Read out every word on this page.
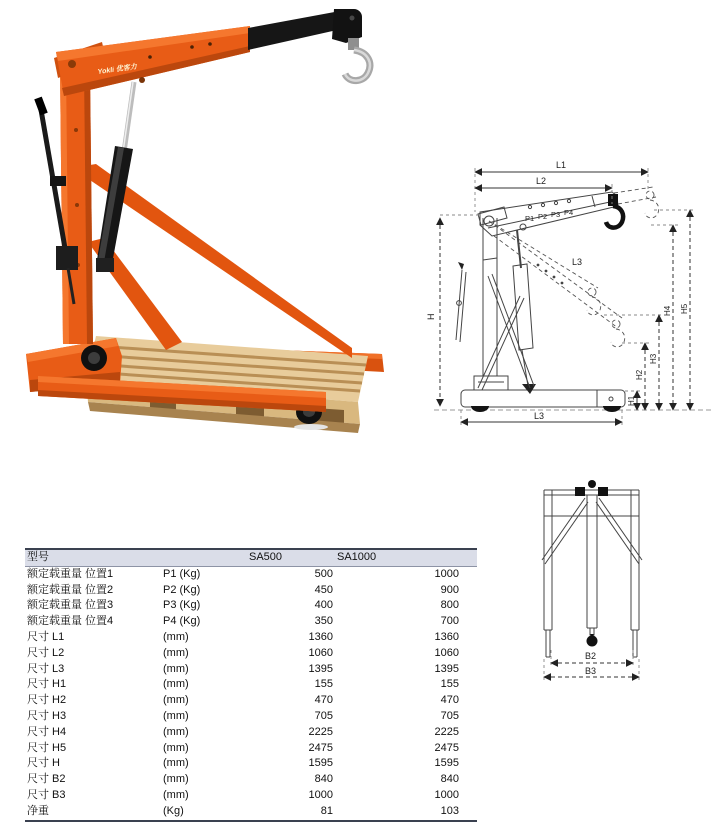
Yokli 优客力
L1
L2
L3
L3
H
H1
H2
H3
H4 H5
P1 P2 P3 P4
B2
B3
型号		SA500	SA1000
额定载重量 位置1	P1 (Kg)	500	1000
额定载重量 位置2	P2 (Kg)	450	900
额定载重量 位置3	P3 (Kg)	400	800
额定载重量 位置4	P4 (Kg)	350	700
尺寸 L1	(mm)	1360	1360
尺寸 L2	(mm)	1060	1060
尺寸 L3	(mm)	1395	1395
尺寸 H1	(mm)	155	155
尺寸 H2	(mm)	470	470
尺寸 H3	(mm)	705	705
尺寸 H4	(mm)	2225	2225
尺寸 H5	(mm)	2475	2475
尺寸 H	(mm)	1595	1595
尺寸 B2	(mm)	840	840
尺寸 B3	(mm)	1000	1000
净重	(Kg)	81	103
